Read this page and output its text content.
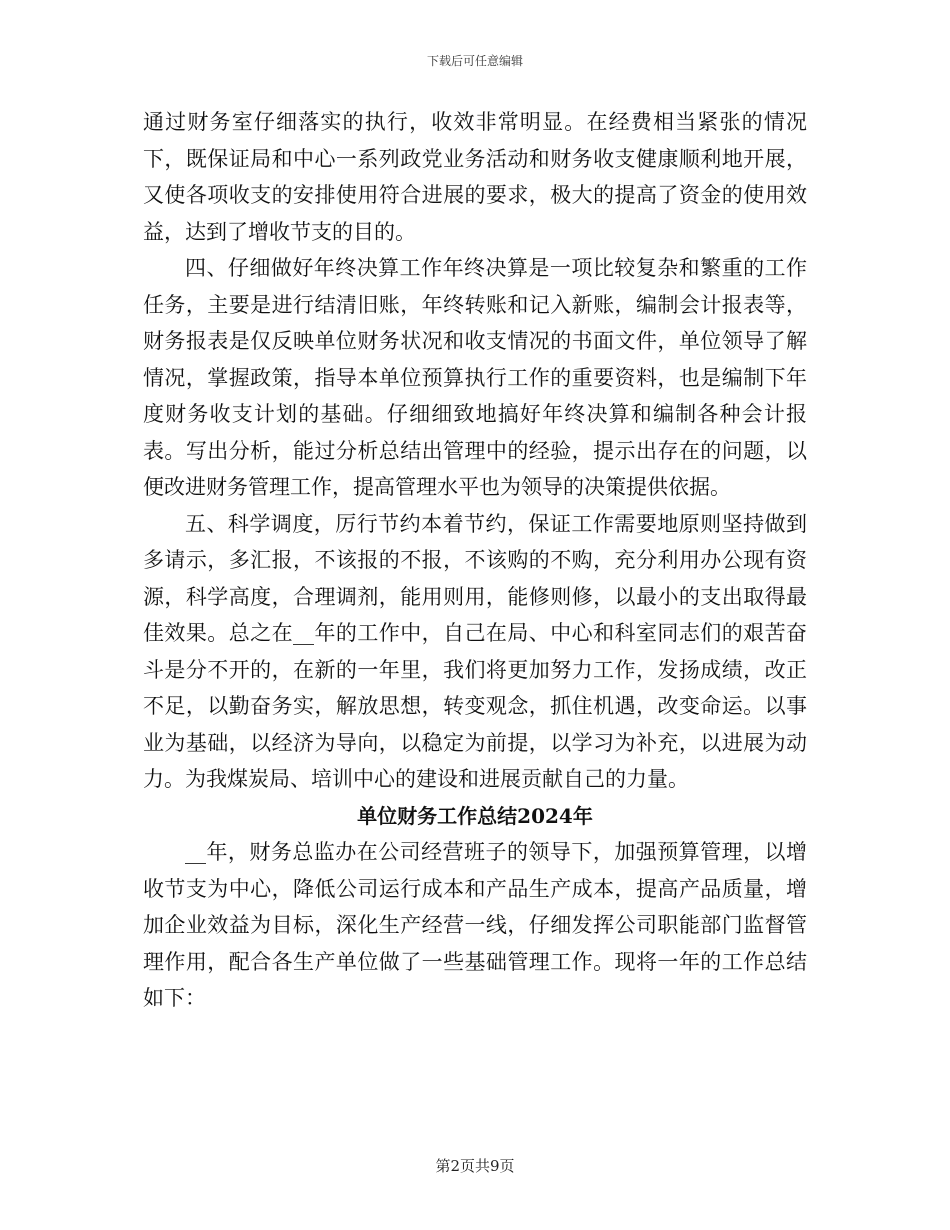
下载后可任意编辑

通过财务室仔细落实的执行，收效非常明显。在经费相当紧张的情况下，既保证局和中心一系列政党业务活动和财务收支健康顺利地开展，又使各项收支的安排使用符合进展的要求，极大的提高了资金的使用效益，达到了增收节支的目的。

四、仔细做好年终决算工作年终决算是一项比较复杂和繁重的工作任务，主要是进行结清旧账，年终转账和记入新账，编制会计报表等，财务报表是仅反映单位财务状况和收支情况的书面文件，单位领导了解情况，掌握政策，指导本单位预算执行工作的重要资料，也是编制下年度财务收支计划的基础。仔细细致地搞好年终决算和编制各种会计报表。写出分析，能过分析总结出管理中的经验，提示出存在的问题，以便改进财务管理工作，提高管理水平也为领导的决策提供依据。

五、科学调度，厉行节约本着节约，保证工作需要地原则坚持做到多请示，多汇报，不该报的不报，不该购的不购，充分利用办公现有资源，科学高度，合理调剂，能用则用，能修则修，以最小的支出取得最佳效果。总之在__年的工作中，自己在局、中心和科室同志们的艰苦奋斗是分不开的，在新的一年里，我们将更加努力工作，发扬成绩，改正不足，以勤奋务实，解放思想，转变观念，抓住机遇，改变命运。以事业为基础，以经济为导向，以稳定为前提，以学习为补充，以进展为动力。为我煤炭局、培训中心的建设和进展贡献自己的力量。

单位财务工作总结2024年

__年，财务总监办在公司经营班子的领导下，加强预算管理，以增收节支为中心，降低公司运行成本和产品生产成本，提高产品质量，增加企业效益为目标，深化生产经营一线，仔细发挥公司职能部门监督管理作用，配合各生产单位做了一些基础管理工作。现将一年的工作总结如下：

第2页共9页
